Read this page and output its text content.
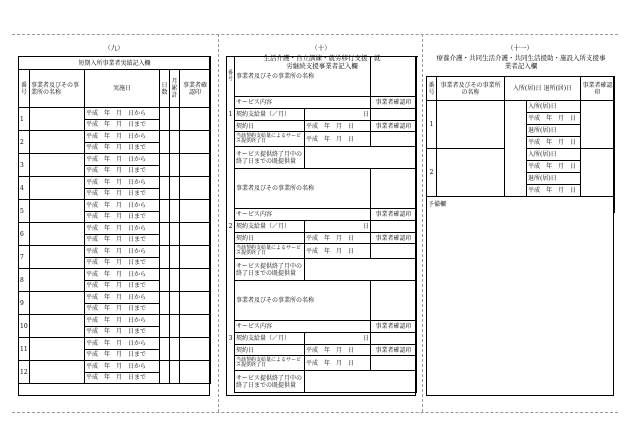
（九）
短期入所事業者実績記入欄					
番号	事業者及びその事業所の名称	実施日	日数	月累計	事業者確認印
1		平成　年　月　日から			
		平成　年　月　日まで			
2		平成　年　月　日から			
		平成　年　月　日まで			
3		平成　年　月　日から			
		平成　年　月　日まで			
4		平成　年　月　日から			
		平成　年　月　日まで			
5		平成　年　月　日から			
		平成　年　月　日まで			
6		平成　年　月　日から			
		平成　年　月　日まで			
7		平成　年　月　日から			
		平成　年　月　日まで			
8		平成　年　月　日から			
		平成　年　月　日まで			
9		平成　年　月　日から			
		平成　年　月　日まで			
10		平成　年　月　日から			
		平成　年　月　日まで			
11		平成　年　月　日から			
		平成　年　月　日まで			
12		平成　年　月　日から			
		平成　年　月　日まで			
（十）
生活介護・自立訓練・就労移行支援・就労継続支援事業者記入欄
番号	事業者及びその事業所の名称		
	サービス内容		事業者確認印
1	契約支給量（／月）	日	
	契約日	平成　年　月　日	事業者確認印
	当該契約支給量によるサービス提供終了日	平成　年　月　日	
	サービス提供終了月中の終了日までの既提供量		
	事業者及びその事業所の名称		
	サービス内容		事業者確認印
2	契約支給量（／月）	日	
	契約日	平成　年　月　日	事業者確認印
	当該契約支給量によるサービス提供終了日	平成　年　月　日	
	サービス提供終了月中の終了日までの既提供量		
	事業者及びその事業所の名称		
	サービス内容		事業者確認印
3	契約支給量（／月）	日	
	契約日	平成　年　月　日	事業者確認印
	当該契約支給量によるサービス提供終了日	平成　年　月　日	
	サービス提供終了月中の終了日までの既提供量		
（十一）
療養介護・共同生活介護・共同生活援助・施設入所支援事業者記入欄
番号	事業者及びその事業所の名称	入所(居)日 退所(居)日		事業者確認印
1			入所(居)日	
			平成　年　月　日	
			退所(居)日	
			平成　年　月　日	
2			入所(居)日	
			平成　年　月　日	
			退所(居)日	
			平成　年　月　日	
予備欄				
